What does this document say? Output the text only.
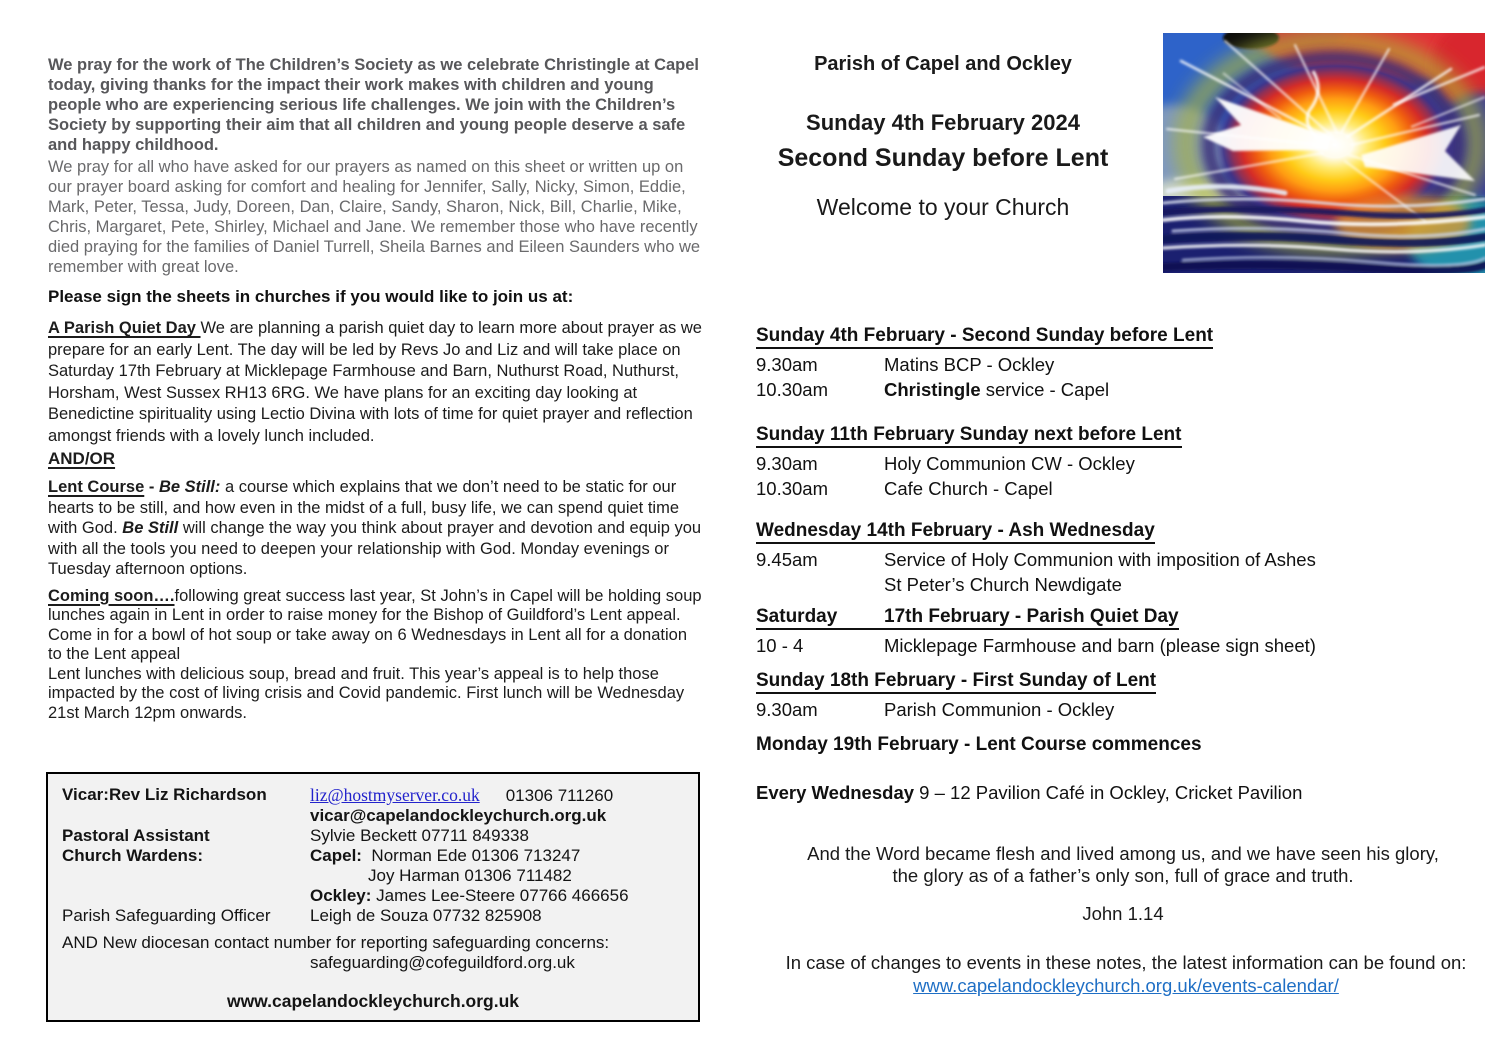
We pray for the work of The Children’s Society as we celebrate Christingle at Capel today, giving thanks for the impact their work makes with children and young people who are experiencing serious life challenges. We join with the Children’s Society by supporting their aim that all children and young people deserve a safe and happy childhood.

We pray for all who have asked for our prayers as named on this sheet or written up on our prayer board asking for comfort and healing for Jennifer, Sally, Nicky, Simon, Eddie, Mark, Peter, Tessa, Judy, Doreen, Dan, Claire, Sandy, Sharon, Nick, Bill, Charlie, Mike, Chris, Margaret, Pete, Shirley, Michael and Jane. We remember those who have recently died praying for the families of Daniel Turrell, Sheila Barnes and Eileen Saunders who we remember with great love.

Please sign the sheets in churches if you would like to join us at:

A Parish Quiet Day We are planning a parish quiet day to learn more about prayer as we prepare for an early Lent. The day will be led by Revs Jo and Liz and will take place on Saturday 17th February at Micklepage Farmhouse and Barn, Nuthurst Road, Nuthurst, Horsham, West Sussex RH13 6RG. We have plans for an exciting day looking at Benedictine spirituality using Lectio Divina with lots of time for quiet prayer and reflection amongst friends with a lovely lunch included.

AND/OR

Lent Course - Be Still: a course which explains that we don’t need to be static for our hearts to be still, and how even in the midst of a full, busy life, we can spend quiet time with God. Be Still will change the way you think about prayer and devotion and equip you with all the tools you need to deepen your relationship with God. Monday evenings or Tuesday afternoon options.

Coming soon….following great success last year, St John’s in Capel will be holding soup lunches again in Lent in order to raise money for the Bishop of Guildford’s Lent appeal. Come in for a bowl of hot soup or take away on 6 Wednesdays in Lent all for a donation to the Lent appeal
Lent lunches with delicious soup, bread and fruit. This year’s appeal is to help those impacted by the cost of living crisis and Covid pandemic. First lunch will be Wednesday 21st March 12pm onwards.

Vicar:Rev Liz Richardson	liz@hostmyserver.co.uk 01306 711260
vicar@capelandockleychurch.org.uk
Pastoral Assistant	Sylvie Beckett 07711 849338
Church Wardens:	Capel: Norman Ede 01306 713247
Joy Harman 01306 711482
Ockley: James Lee-Steere 07766 466656
Parish Safeguarding Officer	Leigh de Souza 07732 825908
AND New diocesan contact number for reporting safeguarding concerns:
safeguarding@cofeguildford.org.uk
www.capelandockleychurch.org.uk
Parish of Capel and Ockley
Sunday 4th February 2024
Second Sunday before Lent
Welcome to your Church
Sunday 4th February - Second Sunday before Lent
9.30am	Matins BCP - Ockley
10.30am	Christingle service - Capel
Sunday 11th February Sunday next before Lent
9.30am	Holy Communion CW - Ockley
10.30am	Cafe Church - Capel
Wednesday 14th February - Ash Wednesday
9.45am	Service of Holy Communion with imposition of Ashes
St Peter’s Church Newdigate
Saturday 17th February - Parish Quiet Day
10 - 4	Micklepage Farmhouse and barn (please sign sheet)
Sunday 18th February - First Sunday of Lent
9.30am	Parish Communion - Ockley
Monday 19th February - Lent Course commences
Every Wednesday 9 – 12 Pavilion Café in Ockley, Cricket Pavilion
And the Word became flesh and lived among us, and we have seen his glory,
the glory as of a father’s only son, full of grace and truth.
John 1.14
In case of changes to events in these notes, the latest information can be found on:
www.capelandockleychurch.org.uk/events-calendar/
